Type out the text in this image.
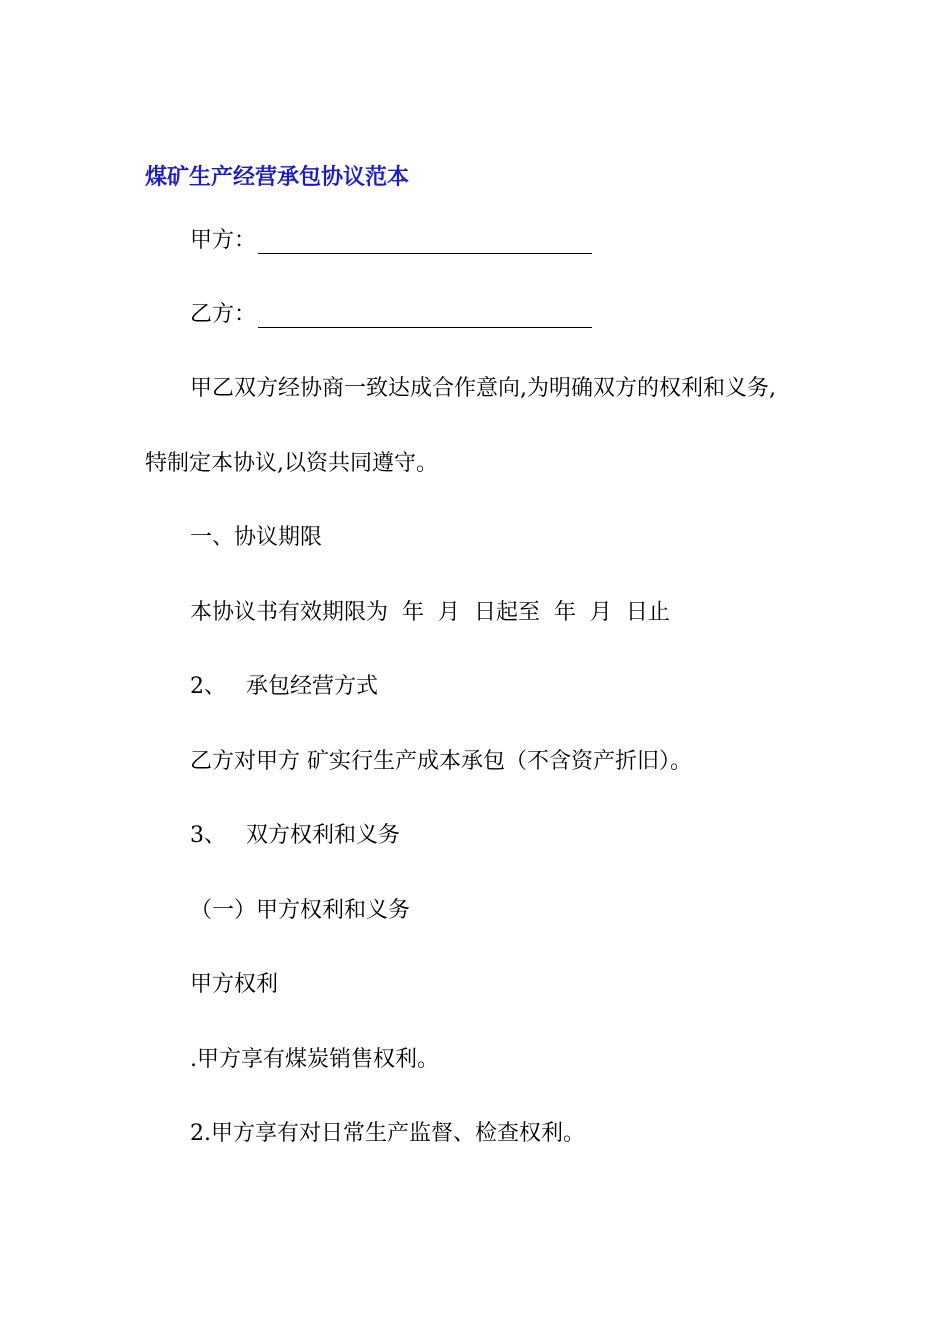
煤矿生产经营承包协议范本
甲方：
乙方：
甲乙双方经协商一致达成合作意向,为明确双方的权利和义务,
特制定本协议,以资共同遵守。
一、协议期限
本协议书有效期限为  年  月  日起至  年  月  日止
2、 承包经营方式
乙方对甲方 矿实行生产成本承包（不含资产折旧）。
3、 双方权利和义务
（一）甲方权利和义务
甲方权利
.甲方享有煤炭销售权利。
2.甲方享有对日常生产监督、检查权利。
